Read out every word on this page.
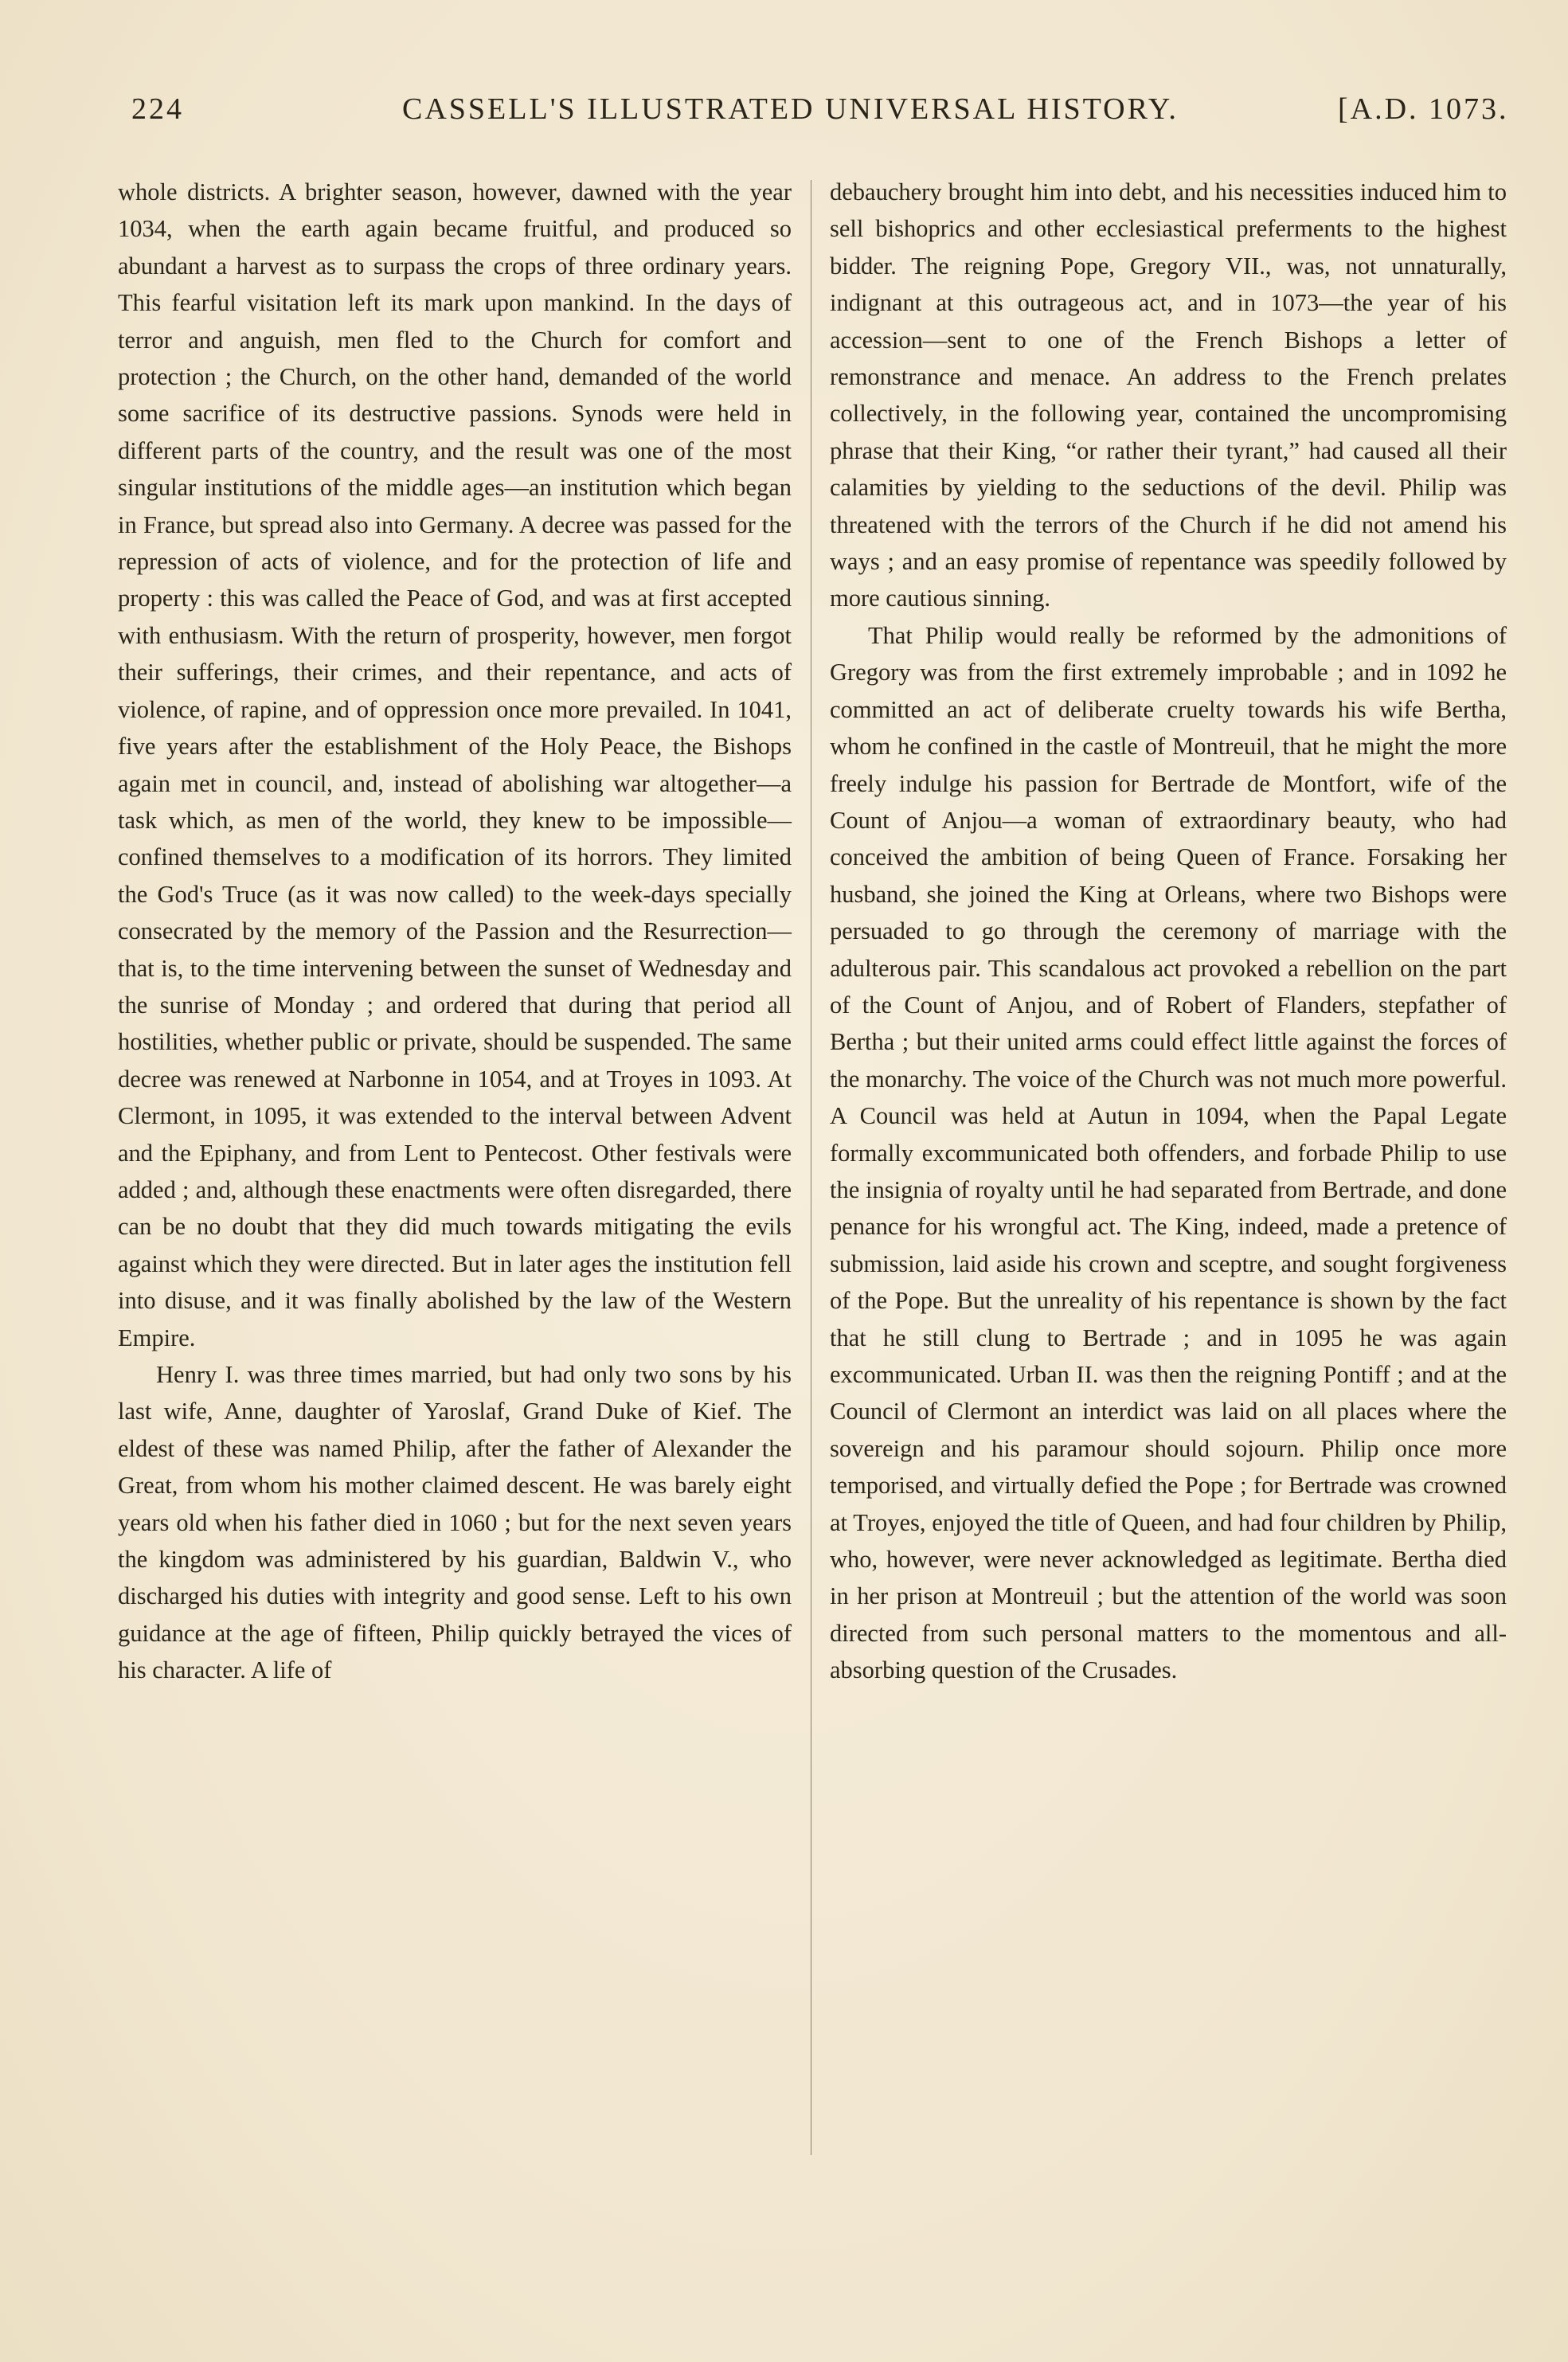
224	CASSELL'S ILLUSTRATED UNIVERSAL HISTORY.	[A.D. 1073.

whole districts. A brighter season, however, dawned with the year 1034, when the earth again became fruitful, and produced so abundant a harvest as to surpass the crops of three ordinary years. This fearful visitation left its mark upon mankind. In the days of terror and anguish, men fled to the Church for comfort and protection ; the Church, on the other hand, demanded of the world some sacrifice of its destructive passions. Synods were held in different parts of the country, and the result was one of the most singular institutions of the middle ages—an institution which began in France, but spread also into Germany. A decree was passed for the repression of acts of violence, and for the protection of life and property : this was called the Peace of God, and was at first accepted with enthusiasm. With the return of prosperity, however, men forgot their sufferings, their crimes, and their repentance, and acts of violence, of rapine, and of oppression once more prevailed. In 1041, five years after the establishment of the Holy Peace, the Bishops again met in council, and, instead of abolishing war altogether—a task which, as men of the world, they knew to be impossible—confined themselves to a modification of its horrors. They limited the God's Truce (as it was now called) to the week-days specially consecrated by the memory of the Passion and the Resurrection—that is, to the time intervening between the sunset of Wednesday and the sunrise of Monday ; and ordered that during that period all hostilities, whether public or private, should be suspended. The same decree was renewed at Narbonne in 1054, and at Troyes in 1093. At Clermont, in 1095, it was extended to the interval between Advent and the Epiphany, and from Lent to Pentecost. Other festivals were added ; and, although these enactments were often disregarded, there can be no doubt that they did much towards mitigating the evils against which they were directed. But in later ages the institution fell into disuse, and it was finally abolished by the law of the Western Empire.

Henry I. was three times married, but had only two sons by his last wife, Anne, daughter of Yaroslaf, Grand Duke of Kief. The eldest of these was named Philip, after the father of Alexander the Great, from whom his mother claimed descent. He was barely eight years old when his father died in 1060 ; but for the next seven years the kingdom was administered by his guardian, Baldwin V., who discharged his duties with integrity and good sense. Left to his own guidance at the age of fifteen, Philip quickly betrayed the vices of his character. A life of

debauchery brought him into debt, and his necessities induced him to sell bishoprics and other ecclesiastical preferments to the highest bidder. The reigning Pope, Gregory VII., was, not unnaturally, indignant at this outrageous act, and in 1073—the year of his accession—sent to one of the French Bishops a letter of remonstrance and menace. An address to the French prelates collectively, in the following year, contained the uncompromising phrase that their King, “or rather their tyrant,” had caused all their calamities by yielding to the seductions of the devil. Philip was threatened with the terrors of the Church if he did not amend his ways ; and an easy promise of repentance was speedily followed by more cautious sinning.

That Philip would really be reformed by the admonitions of Gregory was from the first extremely improbable ; and in 1092 he committed an act of deliberate cruelty towards his wife Bertha, whom he confined in the castle of Montreuil, that he might the more freely indulge his passion for Bertrade de Montfort, wife of the Count of Anjou—a woman of extraordinary beauty, who had conceived the ambition of being Queen of France. Forsaking her husband, she joined the King at Orleans, where two Bishops were persuaded to go through the ceremony of marriage with the adulterous pair. This scandalous act provoked a rebellion on the part of the Count of Anjou, and of Robert of Flanders, stepfather of Bertha ; but their united arms could effect little against the forces of the monarchy. The voice of the Church was not much more powerful. A Council was held at Autun in 1094, when the Papal Legate formally excommunicated both offenders, and forbade Philip to use the insignia of royalty until he had separated from Bertrade, and done penance for his wrongful act. The King, indeed, made a pretence of submission, laid aside his crown and sceptre, and sought forgiveness of the Pope. But the unreality of his repentance is shown by the fact that he still clung to Bertrade ; and in 1095 he was again excommunicated. Urban II. was then the reigning Pontiff ; and at the Council of Clermont an interdict was laid on all places where the sovereign and his paramour should sojourn. Philip once more temporised, and virtually defied the Pope ; for Bertrade was crowned at Troyes, enjoyed the title of Queen, and had four children by Philip, who, however, were never acknowledged as legitimate. Bertha died in her prison at Montreuil ; but the attention of the world was soon directed from such personal matters to the momentous and all-absorbing question of the Crusades.
